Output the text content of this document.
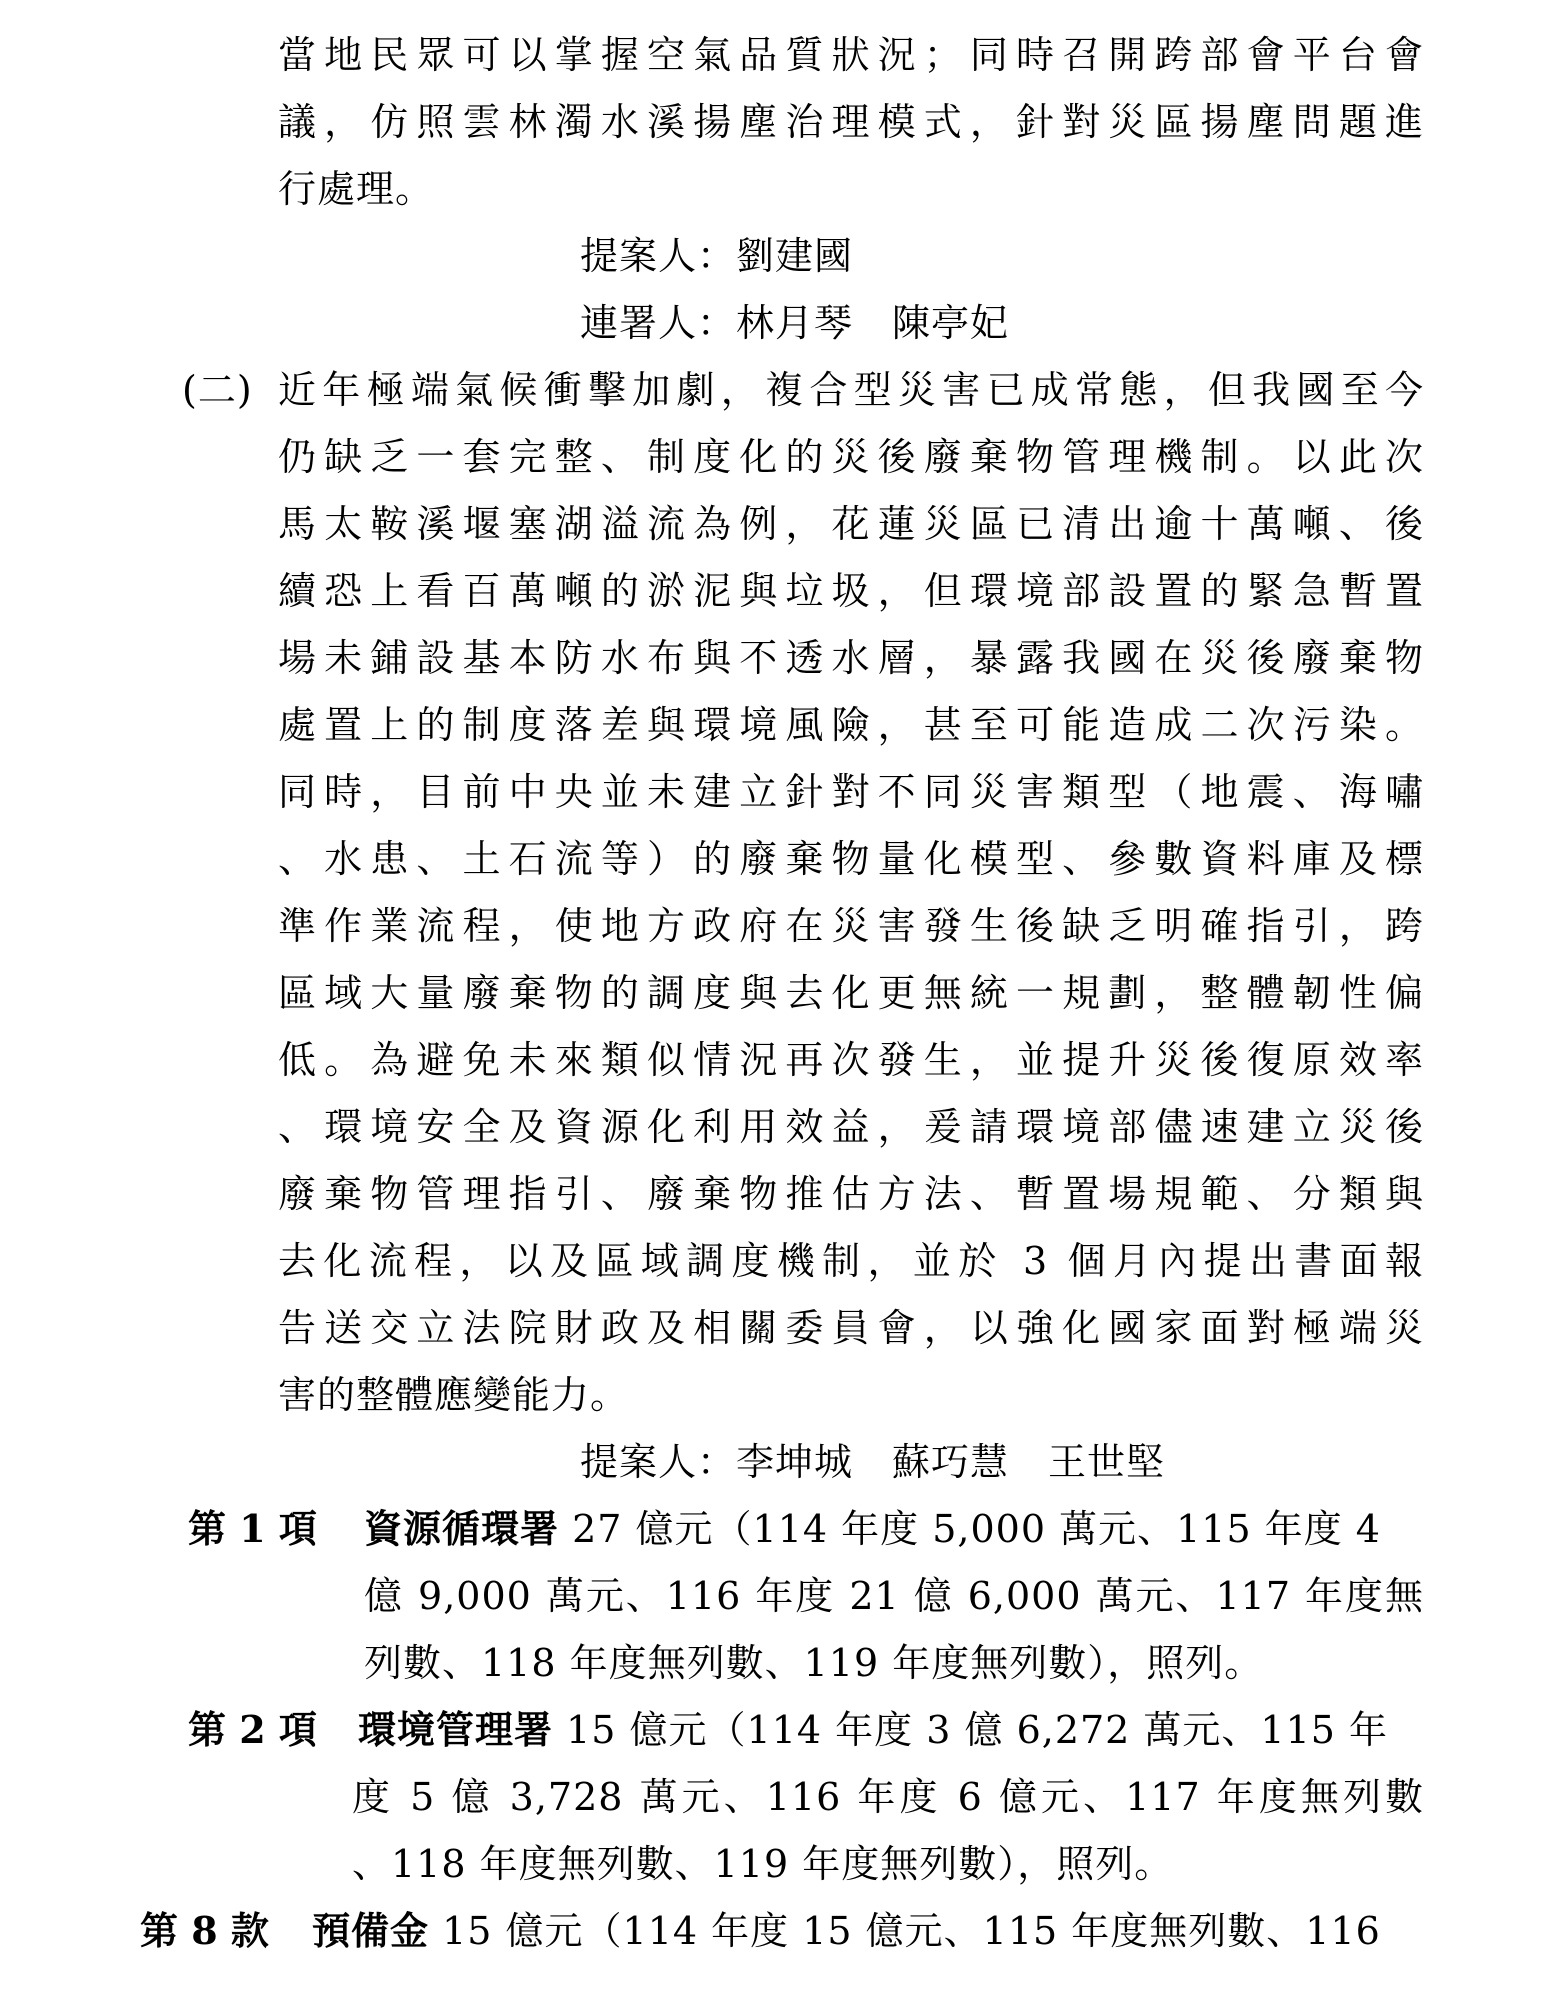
當地民眾可以掌握空氣品質狀況；同時召開跨部會平台會
議，仿照雲林濁水溪揚塵治理模式，針對災區揚塵問題進
行處理。
提案人：劉建國
連署人：林月琴　陳亭妃
(二) 近年極端氣候衝擊加劇，複合型災害已成常態，但我國至今
仍缺乏一套完整、制度化的災後廢棄物管理機制。以此次
馬太鞍溪堰塞湖溢流為例，花蓮災區已清出逾十萬噸、後
續恐上看百萬噸的淤泥與垃圾，但環境部設置的緊急暫置
場未鋪設基本防水布與不透水層，暴露我國在災後廢棄物
處置上的制度落差與環境風險，甚至可能造成二次污染。
同時，目前中央並未建立針對不同災害類型（地震、海嘯
、水患、土石流等）的廢棄物量化模型、參數資料庫及標
準作業流程，使地方政府在災害發生後缺乏明確指引，跨
區域大量廢棄物的調度與去化更無統一規劃，整體韌性偏
低。為避免未來類似情況再次發生，並提升災後復原效率
、環境安全及資源化利用效益，爰請環境部儘速建立災後
廢棄物管理指引、廢棄物推估方法、暫置場規範、分類與
去化流程，以及區域調度機制，並於 3 個月內提出書面報
告送交立法院財政及相關委員會，以強化國家面對極端災
害的整體應變能力。
提案人：李坤城　蘇巧慧　王世堅
第 1 項 資源循環署 27 億元（114 年度 5,000 萬元、115 年度 4
億 9,000 萬元、116 年度 21 億 6,000 萬元、117 年度無
列數、118 年度無列數、119 年度無列數），照列。
第 2 項 環境管理署 15 億元（114 年度 3 億 6,272 萬元、115 年
度 5 億 3,728 萬元、116 年度 6 億元、117 年度無列數
、118 年度無列數、119 年度無列數），照列。
第 8 款 預備金 15 億元（114 年度 15 億元、115 年度無列數、116
